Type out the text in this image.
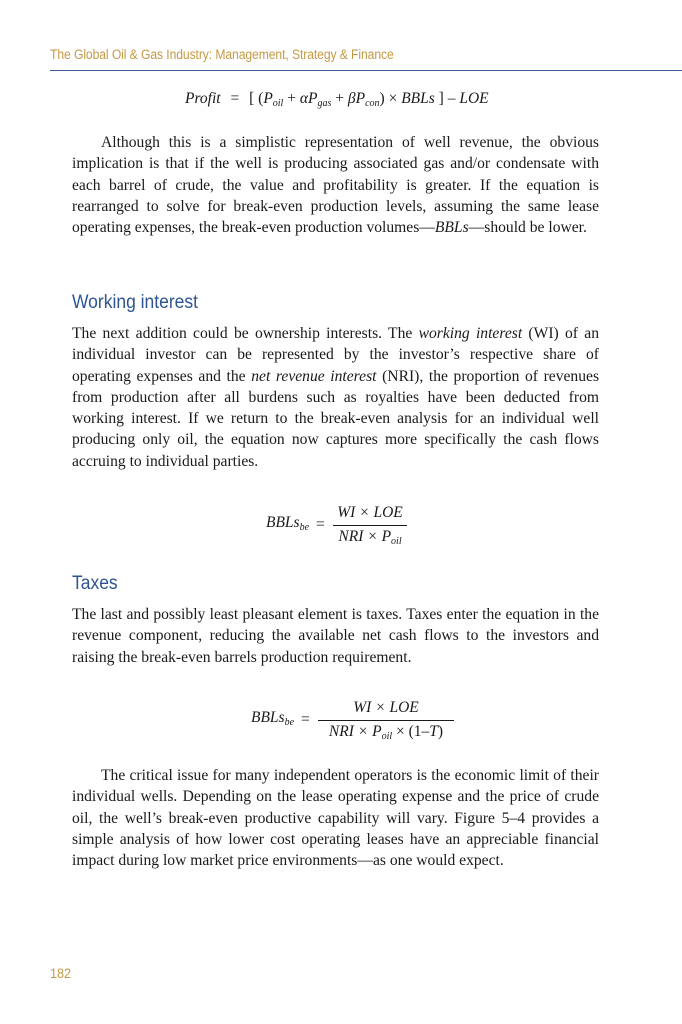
The Global Oil & Gas Industry: Management, Strategy & Finance
Profit = [ $(P_{oil} + \alpha P_{gas} + \beta P_{con})$ × BBLs ] – LOE

Although this is a simplistic representation of well revenue, the obvious implication is that if the well is producing associated gas and/or condensate with each barrel of crude, the value and profitability is greater. If the equation is rearranged to solve for break-even production levels, assuming the same lease operating expenses, the break-even production volumes—BBLs—should be lower.

Working interest

The next addition could be ownership interests. The working interest (WI) of an individual investor can be represented by the investor’s respective share of operating expenses and the net revenue interest (NRI), the proportion of revenues from production after all burdens such as royalties have been deducted from working interest. If we return to the break-even analysis for an individual well producing only oil, the equation now captures more specifically the cash flows accruing to individual parties.

BBLs$_{be}$ =
WI × LOE
NRI × $P_{oil}$
Taxes

The last and possibly least pleasant element is taxes. Taxes enter the equation in the revenue component, reducing the available net cash flows to the investors and raising the break-even barrels production requirement.

BBLs$_{be}$ =
WI × LOE
NRI × $P_{oil} \times (1-T)$

The critical issue for many independent operators is the economic limit of their individual wells. Depending on the lease operating expense and the price of crude oil, the well’s break-even productive capability will vary. Figure 5–4 provides a simple analysis of how lower cost operating leases have an appreciable financial impact during low market price environments—as one would expect.

182
